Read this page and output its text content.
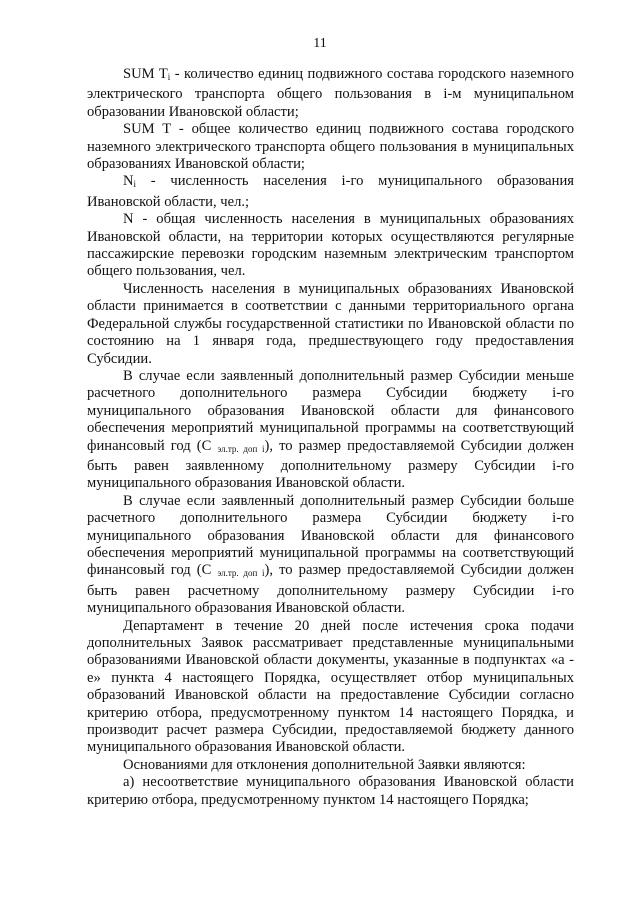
11

SUM $T_i$ - количество единиц подвижного состава городского наземного электрического транспорта общего пользования в i-м муниципальном образовании Ивановской области;

SUM T - общее количество единиц подвижного состава городского наземного электрического транспорта общего пользования в муниципальных образованиях Ивановской области;

$N_i$ - численность населения i-го муниципального образования Ивановской области, чел.;

N - общая численность населения в муниципальных образованиях Ивановской области, на территории которых осуществляются регулярные пассажирские перевозки городским наземным электрическим транспортом общего пользования, чел.

Численность населения в муниципальных образованиях Ивановской области принимается в соответствии с данными территориального органа Федеральной службы государственной статистики по Ивановской области по состоянию на 1 января года, предшествующего году предоставления Субсидии.

В случае если заявленный дополнительный размер Субсидии меньше расчетного дополнительного размера Субсидии бюджету i-го муниципального образования Ивановской области для финансового обеспечения мероприятий муниципальной программы на соответствующий финансовый год (С $_{эл.тр. доп i}$), то размер предоставляемой Субсидии должен быть равен заявленному дополнительному размеру Субсидии i-го муниципального образования Ивановской области.

В случае если заявленный дополнительный размер Субсидии больше расчетного дополнительного размера Субсидии бюджету i-го муниципального образования Ивановской области для финансового обеспечения мероприятий муниципальной программы на соответствующий финансовый год (С $_{эл.тр. доп i}$), то размер предоставляемой Субсидии должен быть равен расчетному дополнительному размеру Субсидии i-го муниципального образования Ивановской области.

Департамент в течение 20 дней после истечения срока подачи дополнительных Заявок рассматривает представленные муниципальными образованиями Ивановской области документы, указанные в подпунктах «а - е» пункта 4 настоящего Порядка, осуществляет отбор муниципальных образований Ивановской области на предоставление Субсидии согласно критерию отбора, предусмотренному пунктом 14 настоящего Порядка, и производит расчет размера Субсидии, предоставляемой бюджету данного муниципального образования Ивановской области.

Основаниями для отклонения дополнительной Заявки являются:

а) несоответствие муниципального образования Ивановской области критерию отбора, предусмотренному пунктом 14 настоящего Порядка;
